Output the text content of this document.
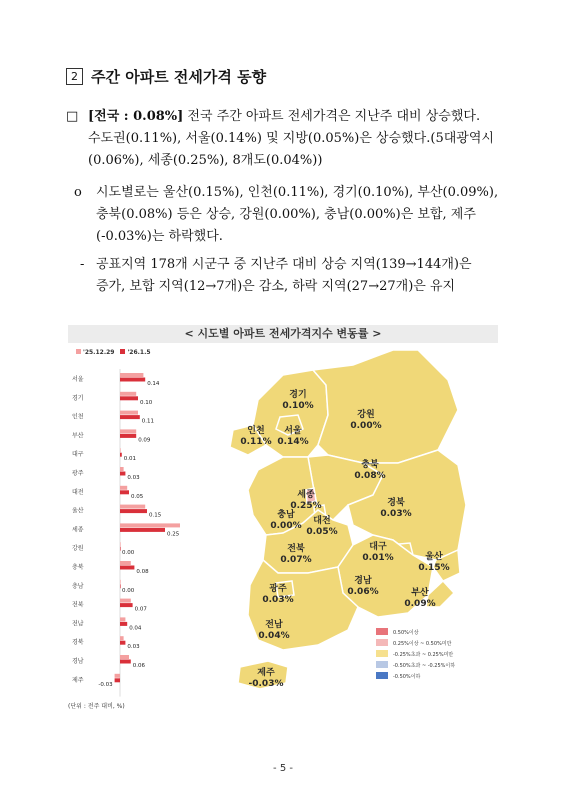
2 주간 아파트 전세가격 동향
□ [전국 : 0.08%] 전국 주간 아파트 전세가격은 지난주 대비 상승했다.
수도권(0.11%), 서울(0.14%) 및 지방(0.05%)은 상승했다.(5대광역시
(0.06%), 세종(0.25%), 8개도(0.04%))
o 시도별로는 울산(0.15%), 인천(0.11%), 경기(0.10%), 부산(0.09%),
충북(0.08%) 등은 상승, 강원(0.00%), 충남(0.00%)은 보합, 제주
(-0.03%)는 하락했다.
- 공표지역 178개 시군구 중 지난주 대비 상승 지역(139→144개)은
증가, 보합 지역(12→7개)은 감소, 하락 지역(27→27개)은 유지
< 시도별 아파트 전세가격지수 변동률 >
'25.12.29 '26.1.5
서울
0.14
경기
0.10
인천
0.11
부산
0.09
대구
0.01
광주
0.03
대전
0.05
울산
0.15
세종
0.25
강원
0.00
충북
0.08
충남
0.00
전북
0.07
전남
0.04
경북
0.03
경남
0.06
제주
-0.03
(단위 : 전주 대비, %)
경기
0.10%
강원
0.00%
인천
0.11%
서울
0.14%
충북
0.08%
세종
0.25%	경북
0.03%
충남
0.00% 대전
0.05%
전북
0.07%
대구
0.01%	울산
0.15%
광주
0.03%
경남
0.06%	부산
0.09%
전남
0.04%
제주
-0.03%
0.50%이상
0.25%이상 ~ 0.50%미만
-0.25%초과 ~ 0.25%미만
-0.50%초과 ~ -0.25%이하
-0.50%이하
- 5 -
